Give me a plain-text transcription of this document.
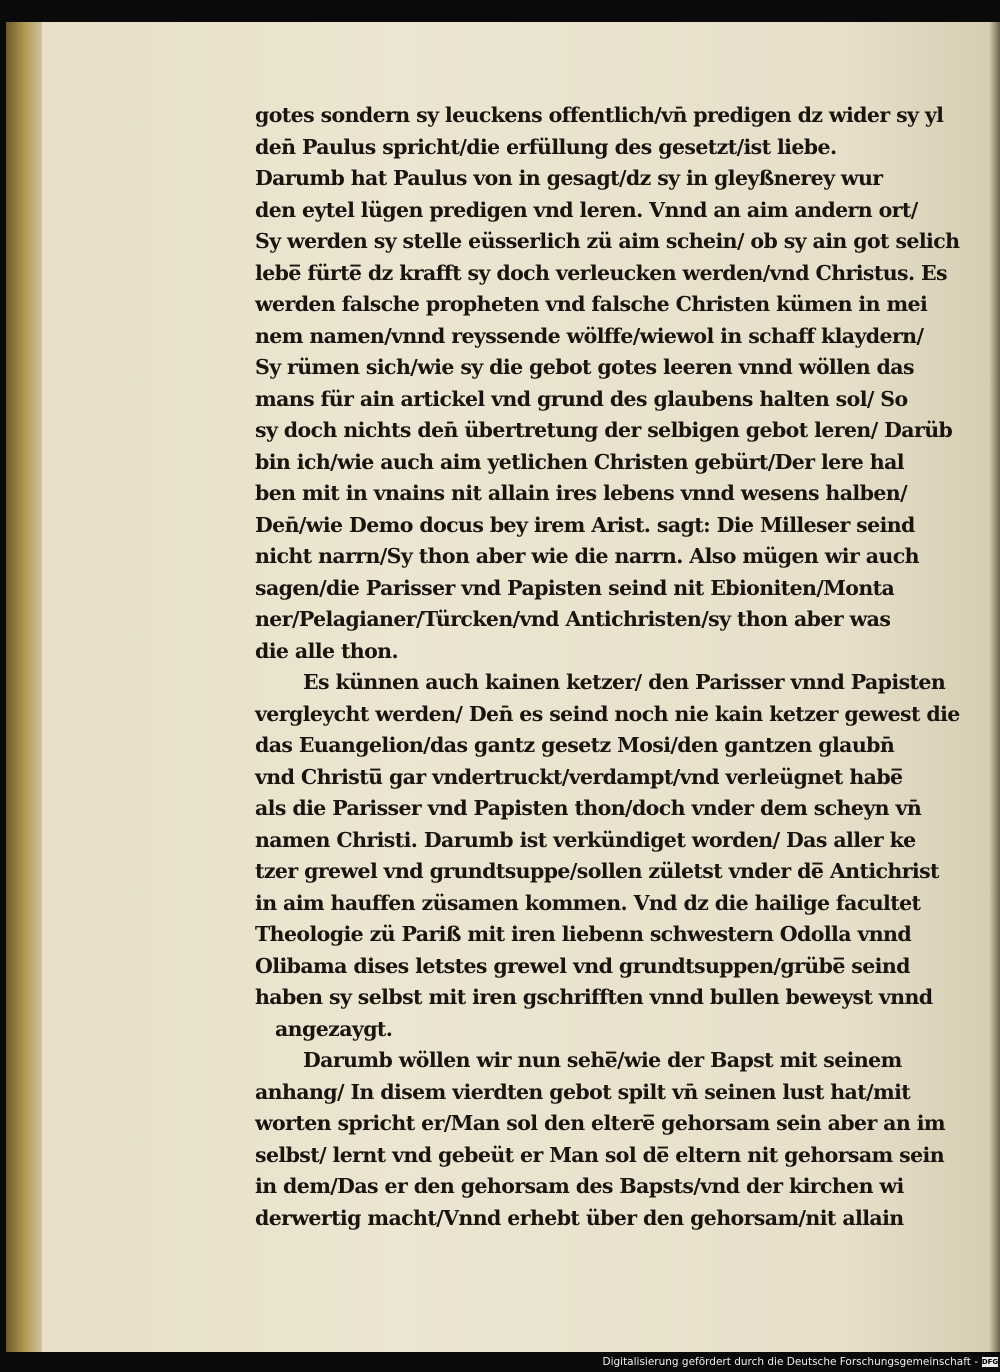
gotes sondern sy leuckens offentlich/vn̄ predigen dz wider sy yl
den̄ Paulus spricht/die erfüllung des gesetzt/ist liebe.
Darumb hat Paulus von in gesagt/dz sy in gleyßnerey wur
den eytel lügen predigen vnd leren. Vnnd an aim andern ort/
Sy werden sy stelle eüsserlich zü aim schein/ ob sy ain got selich
lebe̅ fürte̅ dz krafft sy doch verleucken werden/vnd Christus. Es
werden falsche propheten vnd falsche Christen kümen in mei
nem namen/vnnd reyssende wölffe/wiewol in schaff klaydern/
Sy rümen sich/wie sy die gebot gotes leeren vnnd wöllen das
mans für ain artickel vnd grund des glaubens halten sol/ So
sy doch nichts den̄ übertretung der selbigen gebot leren/ Darüb
bin ich/wie auch aim yetlichen Christen gebürt/Der lere hal
ben mit in vnains nit allain ires lebens vnnd wesens halben/
Den̄/wie Demo docus bey irem Arist. sagt: Die Milleser seind
nicht narrn/Sy thon aber wie die narrn. Also mügen wir auch
sagen/die Parisser vnd Papisten seind nit Ebioniten/Monta
ner/Pelagianer/Türcken/vnd Antichristen/sy thon aber was
die alle thon.
Es künnen auch kainen ketzer/ den Parisser vnnd Papisten
vergleycht werden/ Den̄ es seind noch nie kain ketzer gewest die
das Euangelion/das gantz gesetz Mosi/den gantzen glaubn̄
vnd Christu̅ gar vndertruckt/verdampt/vnd verleügnet habe̅
als die Parisser vnd Papisten thon/doch vnder dem scheyn vn̄
namen Christi. Darumb ist verkündiget worden/ Das aller ke
tzer grewel vnd grundtsuppe/sollen zületst vnder de̅ Antichrist
in aim hauffen züsamen kommen. Vnd dz die hailige facultet
Theologie zü Pariß mit iren liebenn schwestern Odolla vnnd
Olibama dises letstes grewel vnd grundtsuppen/grübe̅ seind
haben sy selbst mit iren gschrifften vnnd bullen beweyst vnnd
angezaygt.
Darumb wöllen wir nun sehe̅/wie der Bapst mit seinem
anhang/ In disem vierdten gebot spilt vn̄ seinen lust hat/mit
worten spricht er/Man sol den eltere̅ gehorsam sein aber an im
selbst/ lernt vnd gebeüt er Man sol de̅ eltern nit gehorsam sein
in dem/Das er den gehorsam des Bapsts/vnd der kirchen wi
derwertig macht/Vnnd erhebt über den gehorsam/nit allain
Digitalisierung gefördert durch die Deutsche Forschungsgemeinschaft - DFG
